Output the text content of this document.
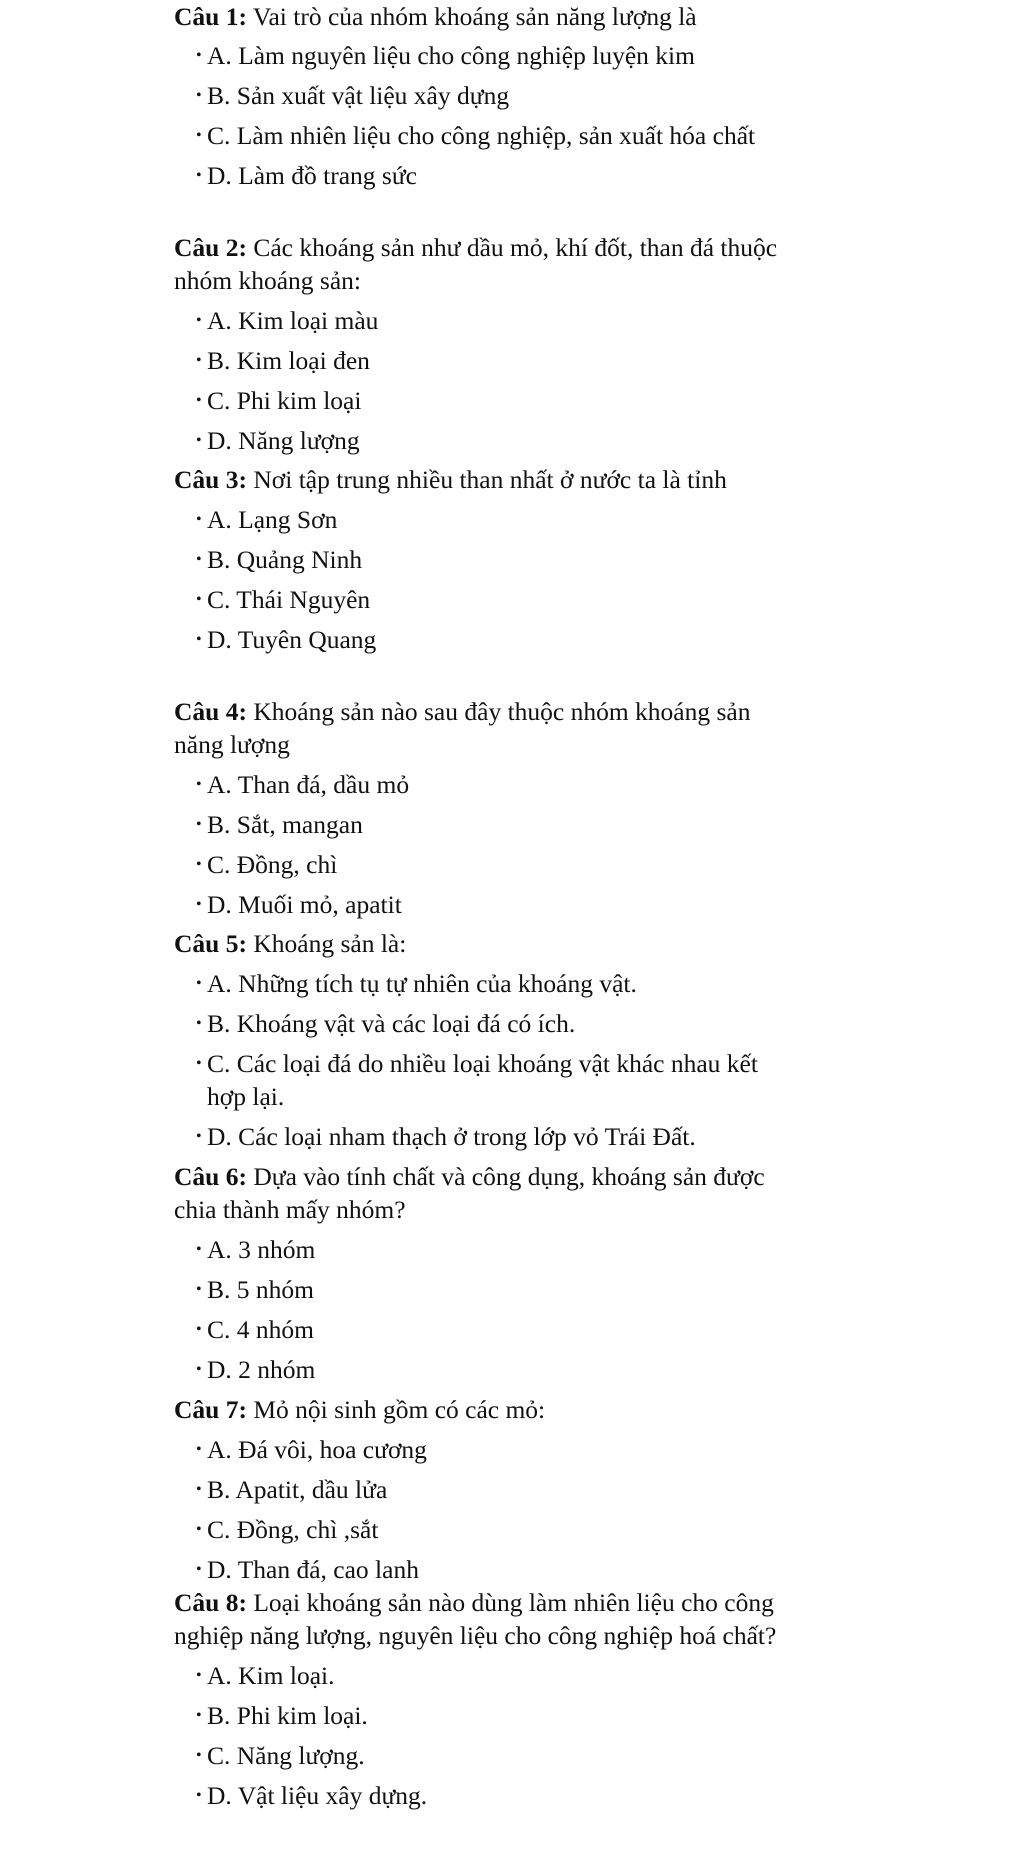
Câu 1: Vai trò của nhóm khoáng sản năng lượng là

• A. Làm nguyên liệu cho công nghiệp luyện kim
• B. Sản xuất vật liệu xây dựng
• C. Làm nhiên liệu cho công nghiệp, sản xuất hóa chất
• D. Làm đồ trang sức

Câu 2: Các khoáng sản như dầu mỏ, khí đốt, than đá thuộc nhóm khoáng sản:

• A. Kim loại màu
• B. Kim loại đen
• C. Phi kim loại
• D. Năng lượng

Câu 3: Nơi tập trung nhiều than nhất ở nước ta là tỉnh

• A. Lạng Sơn
• B. Quảng Ninh
• C. Thái Nguyên
• D. Tuyên Quang

Câu 4: Khoáng sản nào sau đây thuộc nhóm khoáng sản năng lượng

• A. Than đá, dầu mỏ
• B. Sắt, mangan
• C. Đồng, chì
• D. Muối mỏ, apatit

Câu 5: Khoáng sản là:

• A. Những tích tụ tự nhiên của khoáng vật.
• B. Khoáng vật và các loại đá có ích.
• C. Các loại đá do nhiều loại khoáng vật khác nhau kết hợp lại.
• D. Các loại nham thạch ở trong lớp vỏ Trái Đất.

Câu 6: Dựa vào tính chất và công dụng, khoáng sản được chia thành mấy nhóm?

• A. 3 nhóm
• B. 5 nhóm
• C. 4 nhóm
• D. 2 nhóm

Câu 7: Mỏ nội sinh gồm có các mỏ:

• A. Đá vôi, hoa cương
• B. Apatit, dầu lửa
• C. Đồng, chì ,sắt
• D. Than đá, cao lanh

Câu 8: Loại khoáng sản nào dùng làm nhiên liệu cho công nghiệp năng lượng, nguyên liệu cho công nghiệp hoá chất?

• A. Kim loại.
• B. Phi kim loại.
• C. Năng lượng.
• D. Vật liệu xây dựng.
